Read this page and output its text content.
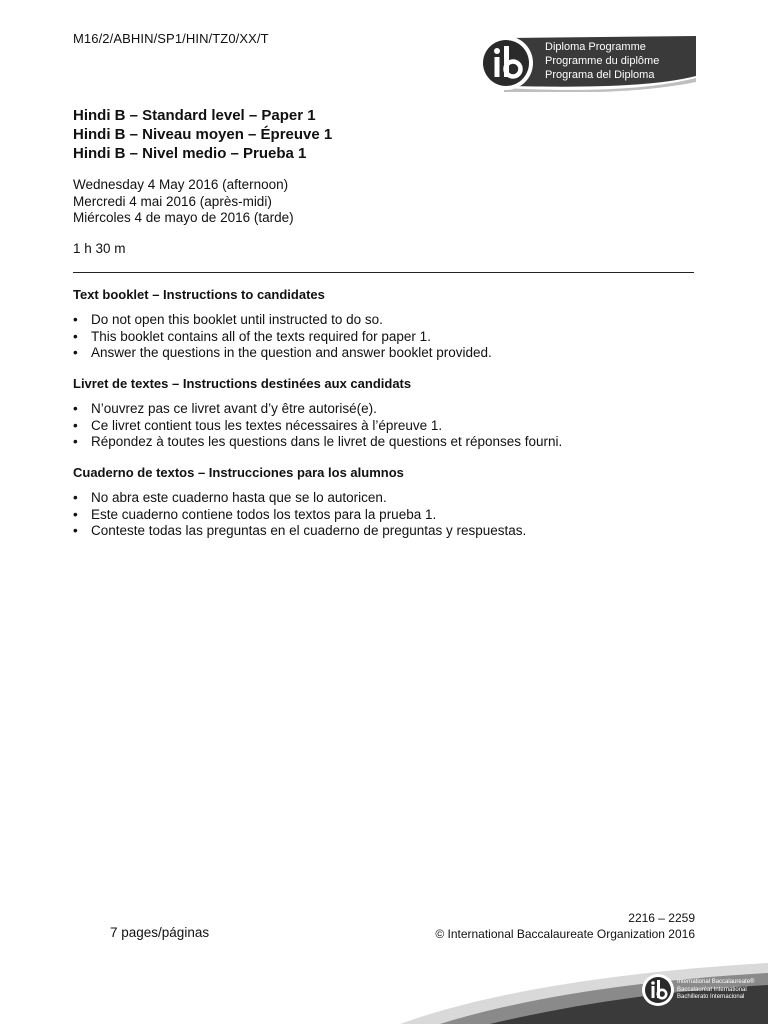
M16/2/ABHIN/SP1/HIN/TZ0/XX/T
Diploma Programme
Programme du diplôme
Programa del Diploma
Hindi B – Standard level – Paper 1
Hindi B – Niveau moyen – Épreuve 1
Hindi B – Nivel medio – Prueba 1
Wednesday 4 May 2016 (afternoon)
Mercredi 4 mai 2016 (après-midi)
Miércoles 4 de mayo de 2016 (tarde)
1 h 30 m
Text booklet – Instructions to candidates
• Do not open this booklet until instructed to do so.
• This booklet contains all of the texts required for paper 1.
• Answer the questions in the question and answer booklet provided.
Livret de textes – Instructions destinées aux candidats
• N’ouvrez pas ce livret avant d’y être autorisé(e).
• Ce livret contient tous les textes nécessaires à l’épreuve 1.
• Répondez à toutes les questions dans le livret de questions et réponses fourni.
Cuaderno de textos – Instrucciones para los alumnos
• No abra este cuaderno hasta que se lo autoricen.
• Este cuaderno contiene todos los textos para la prueba 1.
• Conteste todas las preguntas en el cuaderno de preguntas y respuestas.
7 pages/páginas
2216 – 2259
© International Baccalaureate Organization 2016
International Baccalaureate®
Baccalauréat International
Bachillerato Internacional
